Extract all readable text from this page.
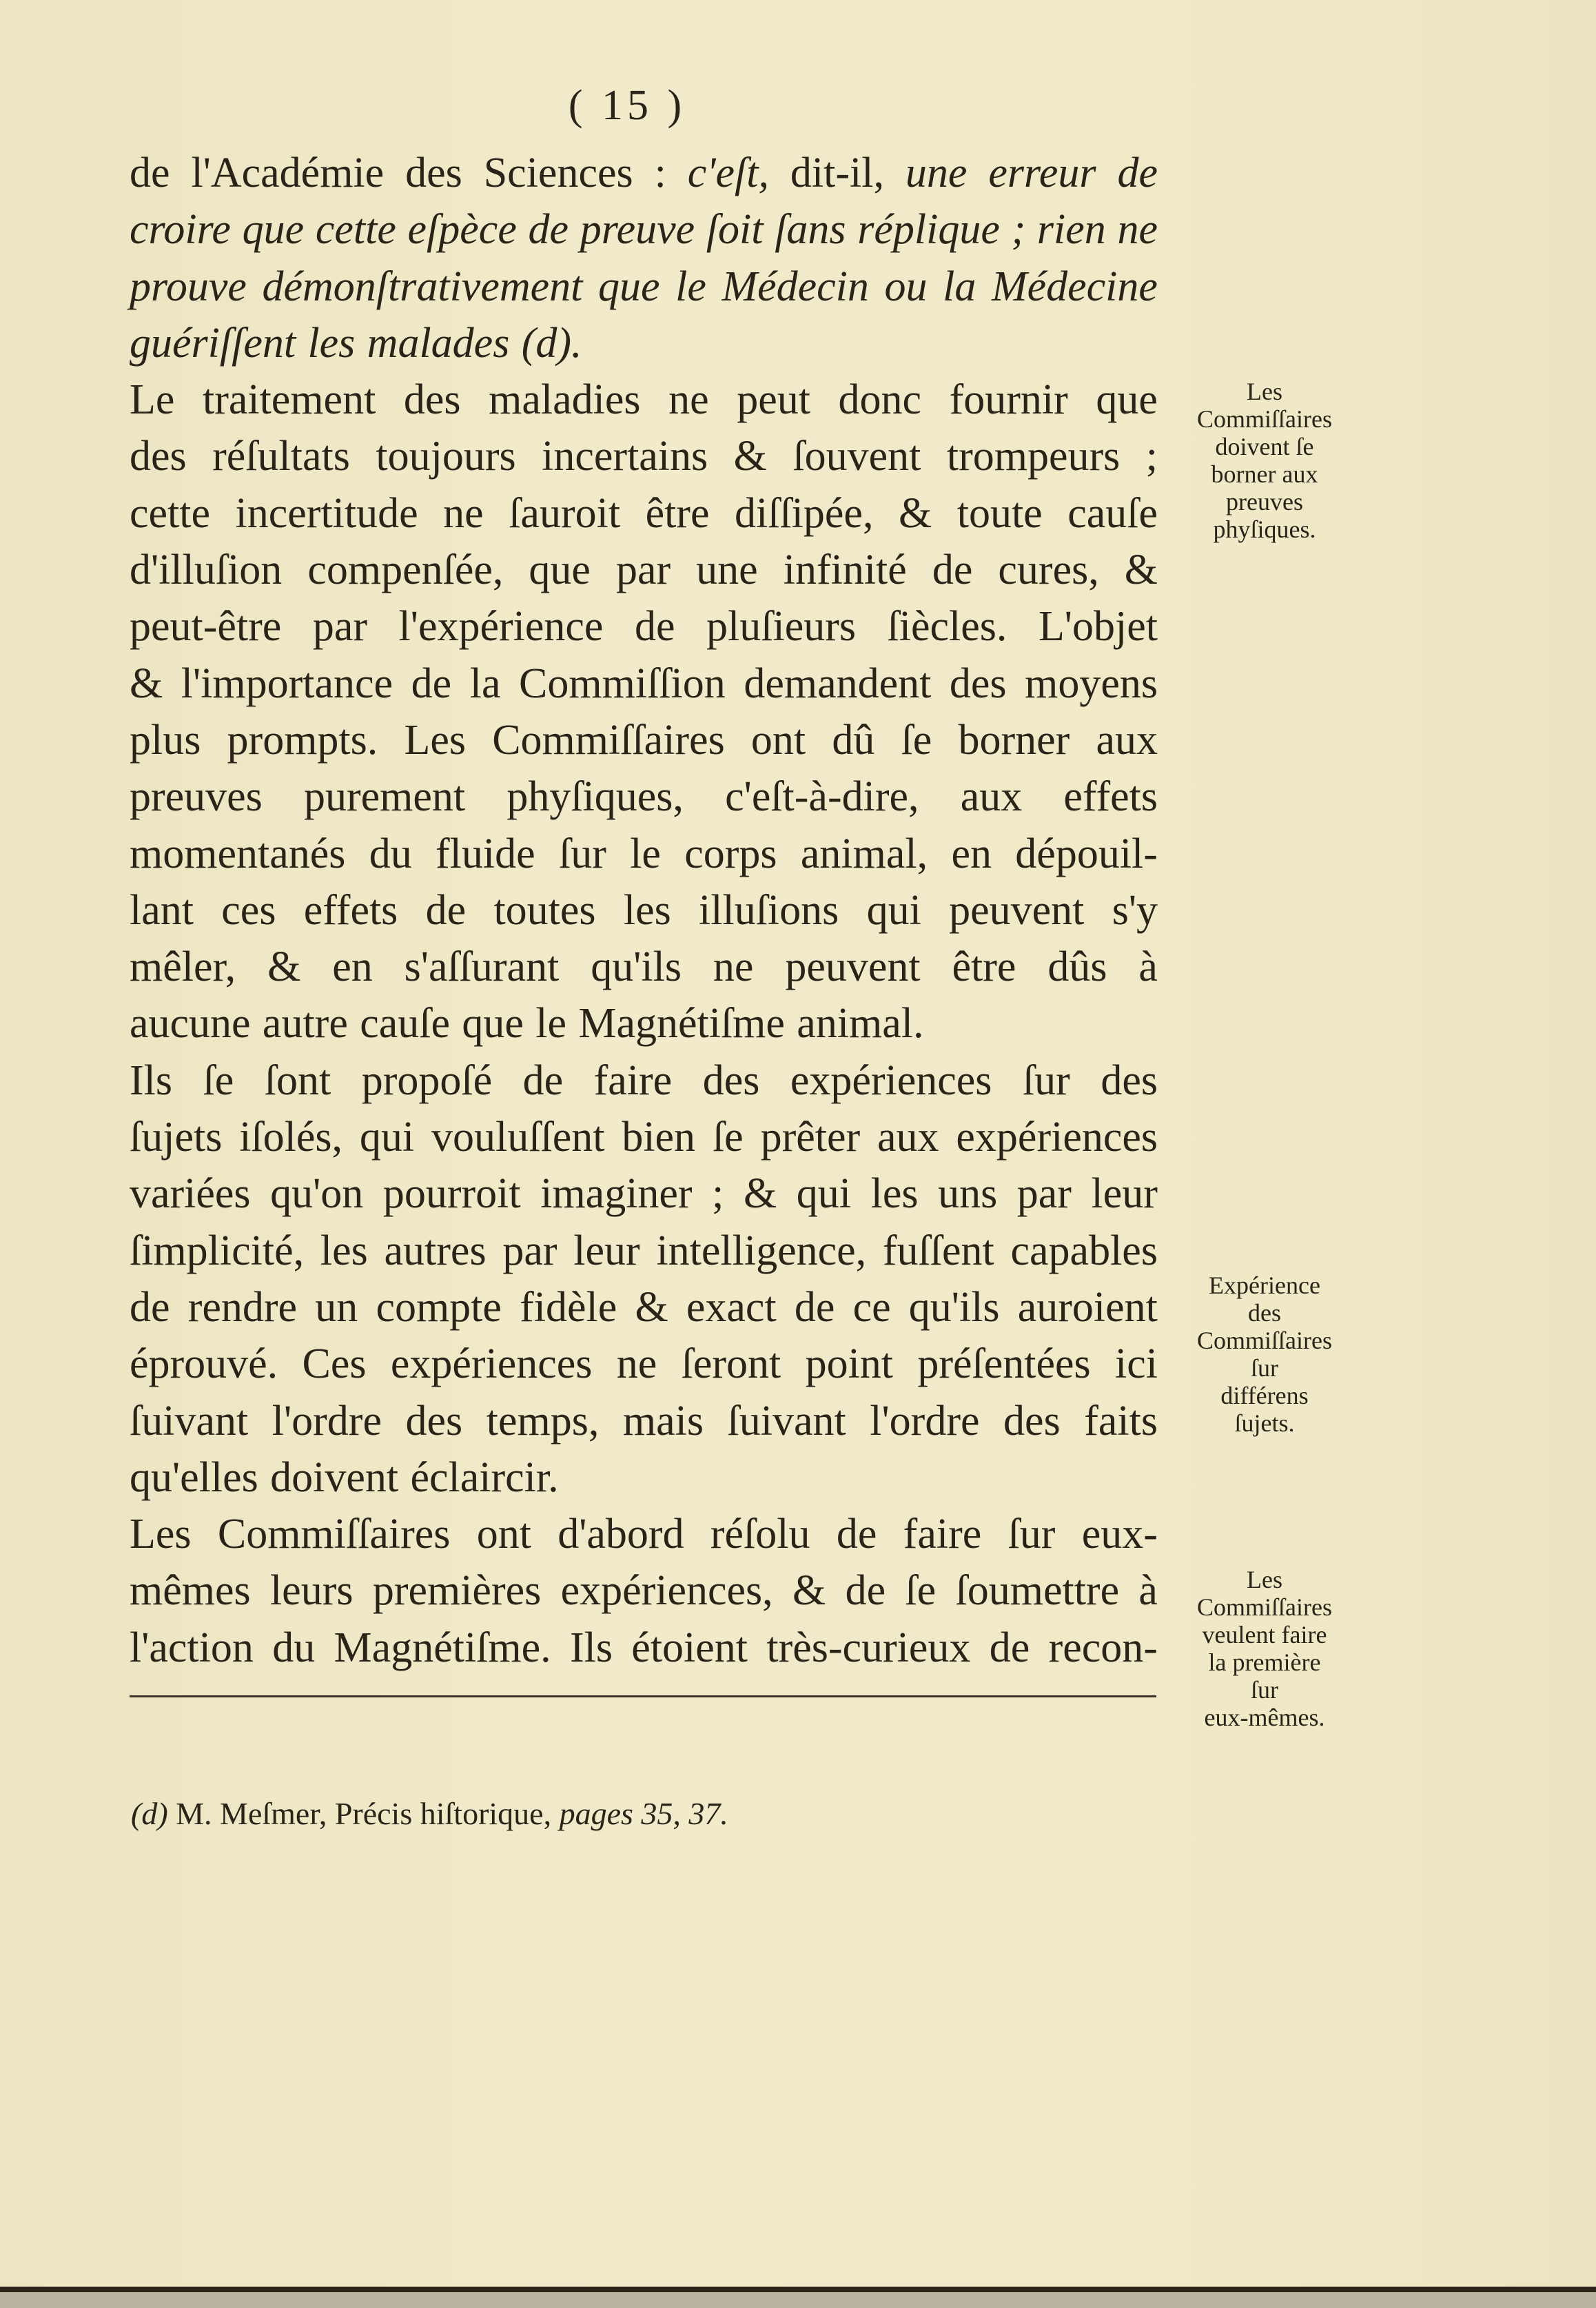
( 15 )
de l'Académie des Sciences : c'eſt, dit-il, une erreur de
croire que cette eſpèce de preuve ſoit ſans réplique ; rien ne
prouve démonſtrativement que le Médecin ou la Médecine
guériſſent les malades (d).
Le traitement des maladies ne peut donc fournir que
des réſultats toujours incertains & ſouvent trompeurs ;
cette incertitude ne ſauroit être diſſipée, & toute cauſe
d'illuſion compenſée, que par une infinité de cures, &
peut-être par l'expérience de pluſieurs ſiècles. L'objet
& l'importance de la Commiſſion demandent des moyens
plus prompts. Les Commiſſaires ont dû ſe borner aux
preuves purement phyſiques, c'eſt-à-dire, aux effets
momentanés du fluide ſur le corps animal, en dépouil-
lant ces effets de toutes les illuſions qui peuvent s'y
mêler, & en s'aſſurant qu'ils ne peuvent être dûs à
aucune autre cauſe que le Magnétiſme animal.
Ils ſe ſont propoſé de faire des expériences ſur des
ſujets iſolés, qui vouluſſent bien ſe prêter aux expériences
variées qu'on pourroit imaginer ; & qui les uns par leur
ſimplicité, les autres par leur intelligence, fuſſent capables
de rendre un compte fidèle & exact de ce qu'ils auroient
éprouvé. Ces expériences ne ſeront point préſentées ici
ſuivant l'ordre des temps, mais ſuivant l'ordre des faits
qu'elles doivent éclaircir.
Les Commiſſaires ont d'abord réſolu de faire ſur eux-
mêmes leurs premières expériences, & de ſe ſoumettre à
l'action du Magnétiſme. Ils étoient très-curieux de recon-
Les
Commiſſaires
doivent ſe
borner aux
preuves
phyſiques.
Expérience
des
Commiſſaires
ſur
différens
ſujets.
Les
Commiſſaires
veulent faire
la première
ſur
eux-mêmes.
(d) M. Meſmer, Précis hiſtorique, pages 35, 37.
